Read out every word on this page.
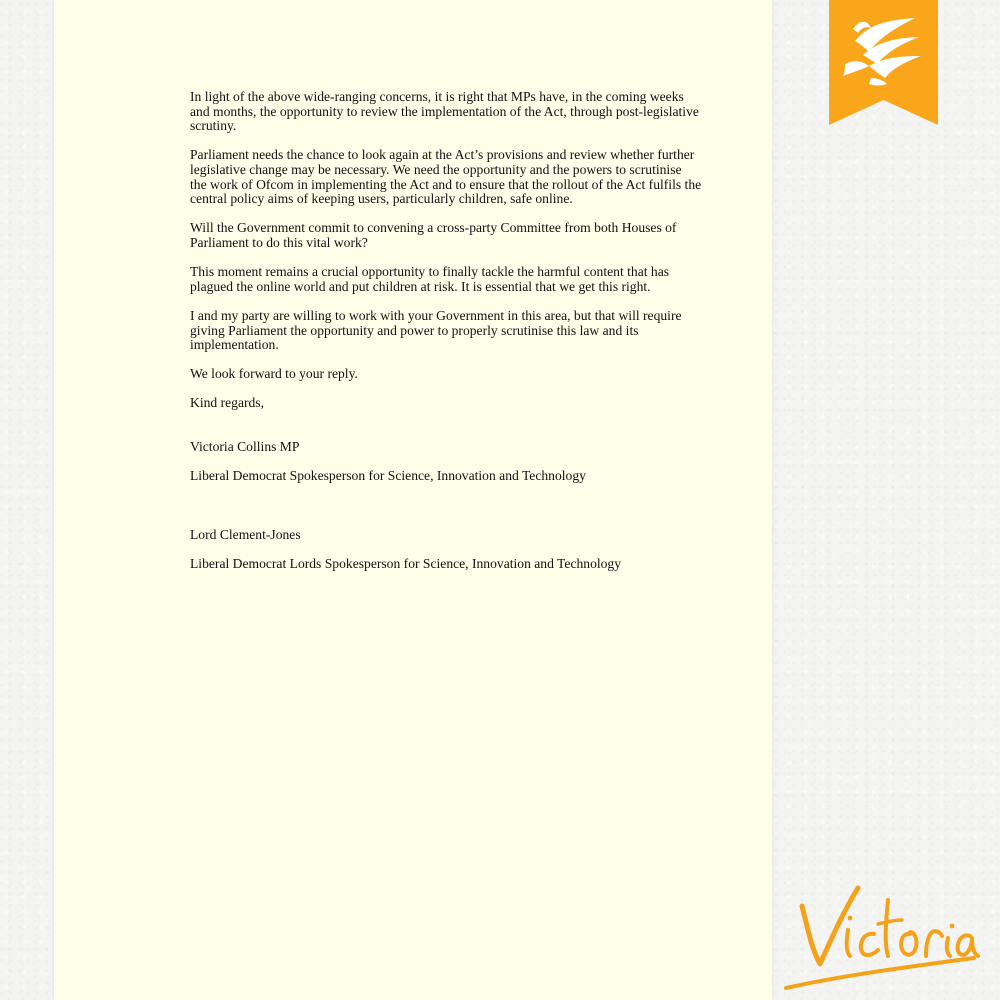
In light of the above wide-ranging concerns, it is right that MPs have, in the coming weeks
and months, the opportunity to review the implementation of the Act, through post-legislative
scrutiny.

Parliament needs the chance to look again at the Act’s provisions and review whether further
legislative change may be necessary. We need the opportunity and the powers to scrutinise
the work of Ofcom in implementing the Act and to ensure that the rollout of the Act fulfils the
central policy aims of keeping users, particularly children, safe online.

Will the Government commit to convening a cross-party Committee from both Houses of
Parliament to do this vital work?

This moment remains a crucial opportunity to finally tackle the harmful content that has
plagued the online world and put children at risk. It is essential that we get this right.

I and my party are willing to work with your Government in this area, but that will require
giving Parliament the opportunity and power to properly scrutinise this law and its
implementation.

We look forward to your reply.

Kind regards,

Victoria Collins MP

Liberal Democrat Spokesperson for Science, Innovation and Technology

Lord Clement-Jones

Liberal Democrat Lords Spokesperson for Science, Innovation and Technology
